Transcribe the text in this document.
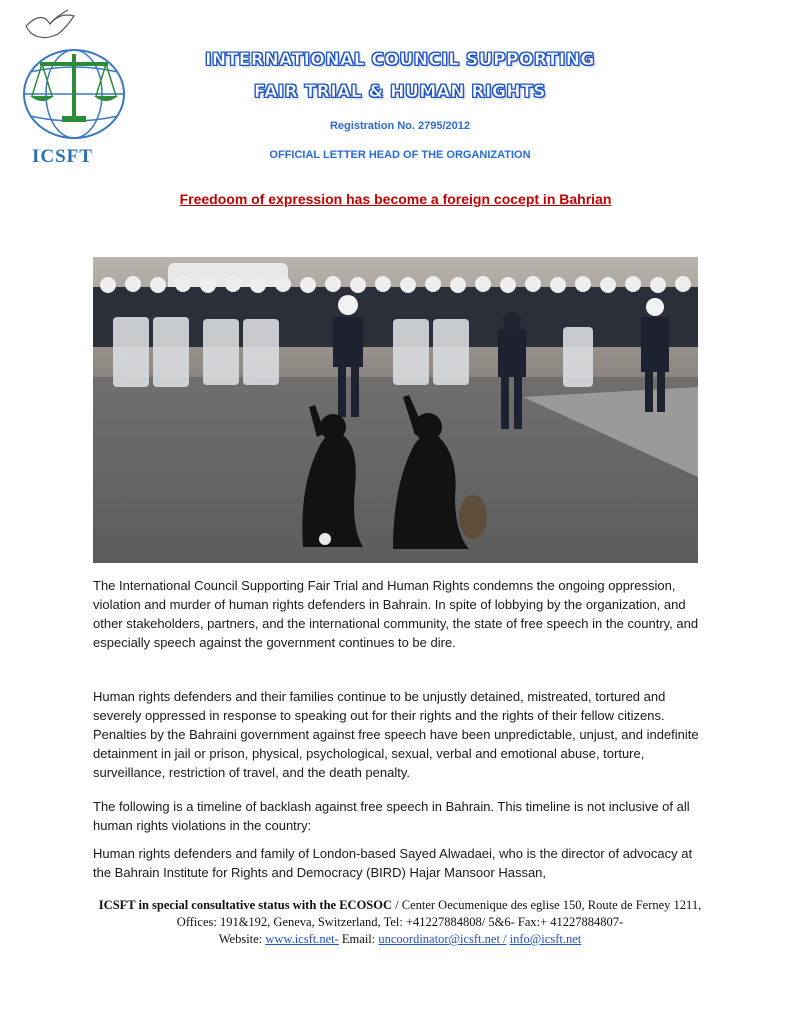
ICSFT
INTERNATIONAL COUNCIL SUPPORTING
FAIR TRIAL & HUMAN RIGHTS
Registration No. 2795/2012
OFFICIAL LETTER HEAD OF THE ORGANIZATION
Freedoom of expression has become a foreign cocept in Bahrian

The International Council Supporting Fair Trial and Human Rights condemns the ongoing oppression, violation and murder of human rights defenders in Bahrain. In spite of lobbying by the organization, and other stakeholders, partners, and the international community, the state of free speech in the country, and especially speech against the government continues to be dire.

Human rights defenders and their families continue to be unjustly detained, mistreated, tortured and severely oppressed in response to speaking out for their rights and the rights of their fellow citizens. Penalties by the Bahraini government against free speech have been unpredictable, unjust, and indefinite detainment in jail or prison, physical, psychological, sexual, verbal and emotional abuse, torture, surveillance, restriction of travel, and the death penalty.

The following is a timeline of backlash against free speech in Bahrain. This timeline is not inclusive of all human rights violations in the country:

Human rights defenders and family of London-based Sayed Alwadaei, who is the director of advocacy at the Bahrain Institute for Rights and Democracy (BIRD) Hajar Mansoor Hassan,

ICSFT in special consultative status with the ECOSOC / Center Oecumenique des eglise 150, Route de Ferney 1211, Offices: 191&192, Geneva, Switzerland, Tel: +41227884808/ 5&6- Fax:+ 41227884807-
Website: www.icsft.net- Email: uncoordinator@icsft.net / info@icsft.net
